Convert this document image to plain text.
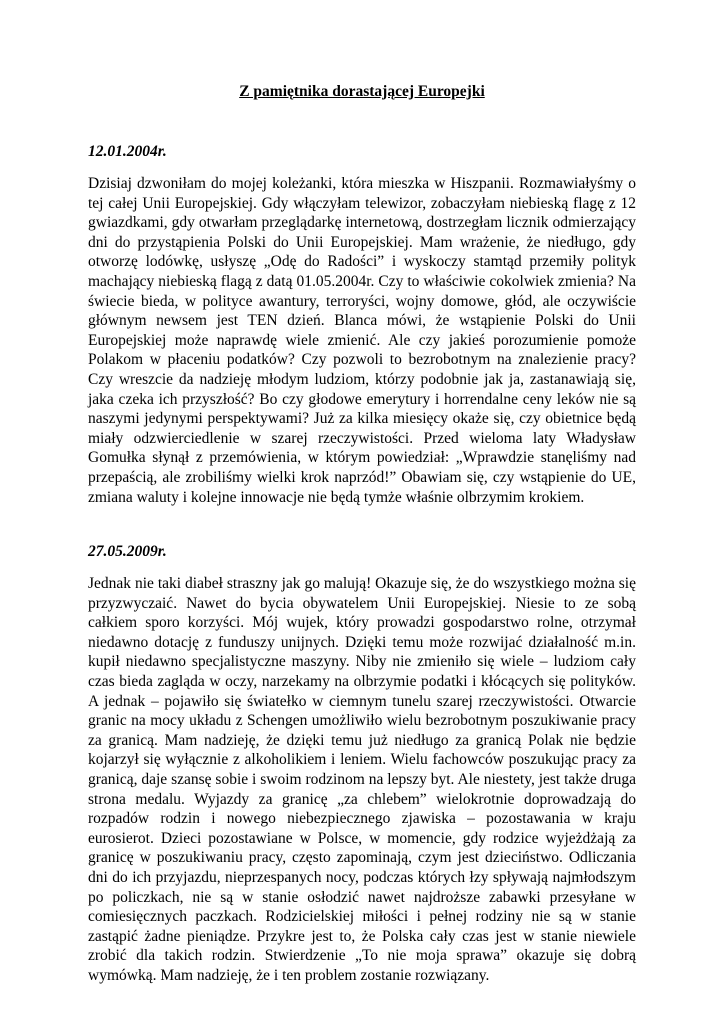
Z pamiętnika dorastającej Europejki
12.01.2004r.

Dzisiaj dzwoniłam do mojej koleżanki, która mieszka w Hiszpanii. Rozmawiałyśmy o tej całej Unii Europejskiej. Gdy włączyłam telewizor, zobaczyłam niebieską flagę z 12 gwiazdkami, gdy otwarłam przeglądarkę internetową, dostrzegłam licznik odmierzający dni do przystąpienia Polski do Unii Europejskiej. Mam wrażenie, że niedługo, gdy otworzę lodówkę, usłyszę „Odę do Radości” i wyskoczy stamtąd przemiły polityk machający niebieską flagą z datą 01.05.2004r. Czy to właściwie cokolwiek zmienia? Na świecie bieda, w polityce awantury, terroryści, wojny domowe, głód, ale oczywiście głównym newsem jest TEN dzień. Blanca mówi, że wstąpienie Polski do Unii Europejskiej może naprawdę wiele zmienić. Ale czy jakieś porozumienie pomoże Polakom w płaceniu podatków? Czy pozwoli to bezrobotnym na znalezienie pracy? Czy wreszcie da nadzieję młodym ludziom, którzy podobnie jak ja, zastanawiają się, jaka czeka ich przyszłość? Bo czy głodowe emerytury i horrendalne ceny leków nie są naszymi jedynymi perspektywami? Już za kilka miesięcy okaże się, czy obietnice będą miały odzwierciedlenie w szarej rzeczywistości. Przed wieloma laty Władysław Gomułka słynął z przemówienia, w którym powiedział: „Wprawdzie stanęliśmy nad przepaścią, ale zrobiliśmy wielki krok naprzód!” Obawiam się, czy wstąpienie do UE, zmiana waluty i kolejne innowacje nie będą tymże właśnie olbrzymim krokiem.

27.05.2009r.

Jednak nie taki diabeł straszny jak go malują! Okazuje się, że do wszystkiego można się przyzwyczaić. Nawet do bycia obywatelem Unii Europejskiej. Niesie to ze sobą całkiem sporo korzyści. Mój wujek, który prowadzi gospodarstwo rolne, otrzymał niedawno dotację z funduszy unijnych. Dzięki temu może rozwijać działalność m.in. kupił niedawno specjalistyczne maszyny. Niby nie zmieniło się wiele – ludziom cały czas bieda zagląda w oczy, narzekamy na olbrzymie podatki i kłócących się polityków. A jednak – pojawiło się światełko w ciemnym tunelu szarej rzeczywistości. Otwarcie granic na mocy układu z Schengen umożliwiło wielu bezrobotnym poszukiwanie pracy za granicą. Mam nadzieję, że dzięki temu już niedługo za granicą Polak nie będzie kojarzył się wyłącznie z alkoholikiem i leniem. Wielu fachowców poszukując pracy za granicą, daje szansę sobie i swoim rodzinom na lepszy byt. Ale niestety, jest także druga strona medalu. Wyjazdy za granicę „za chlebem” wielokrotnie doprowadzają do rozpadów rodzin i nowego niebezpiecznego zjawiska – pozostawania w kraju eurosierot. Dzieci pozostawiane w Polsce, w momencie, gdy rodzice wyjeżdżają za granicę w poszukiwaniu pracy, często zapominają, czym jest dzieciństwo. Odliczania dni do ich przyjazdu, nieprzespanych nocy, podczas których łzy spływają najmłodszym po policzkach, nie są w stanie osłodzić nawet najdroższe zabawki przesyłane w comiesięcznych paczkach. Rodzicielskiej miłości i pełnej rodziny nie są w stanie zastąpić żadne pieniądze. Przykre jest to, że Polska cały czas jest w stanie niewiele zrobić dla takich rodzin. Stwierdzenie „To nie moja sprawa” okazuje się dobrą wymówką. Mam nadzieję, że i ten problem zostanie rozwiązany.
